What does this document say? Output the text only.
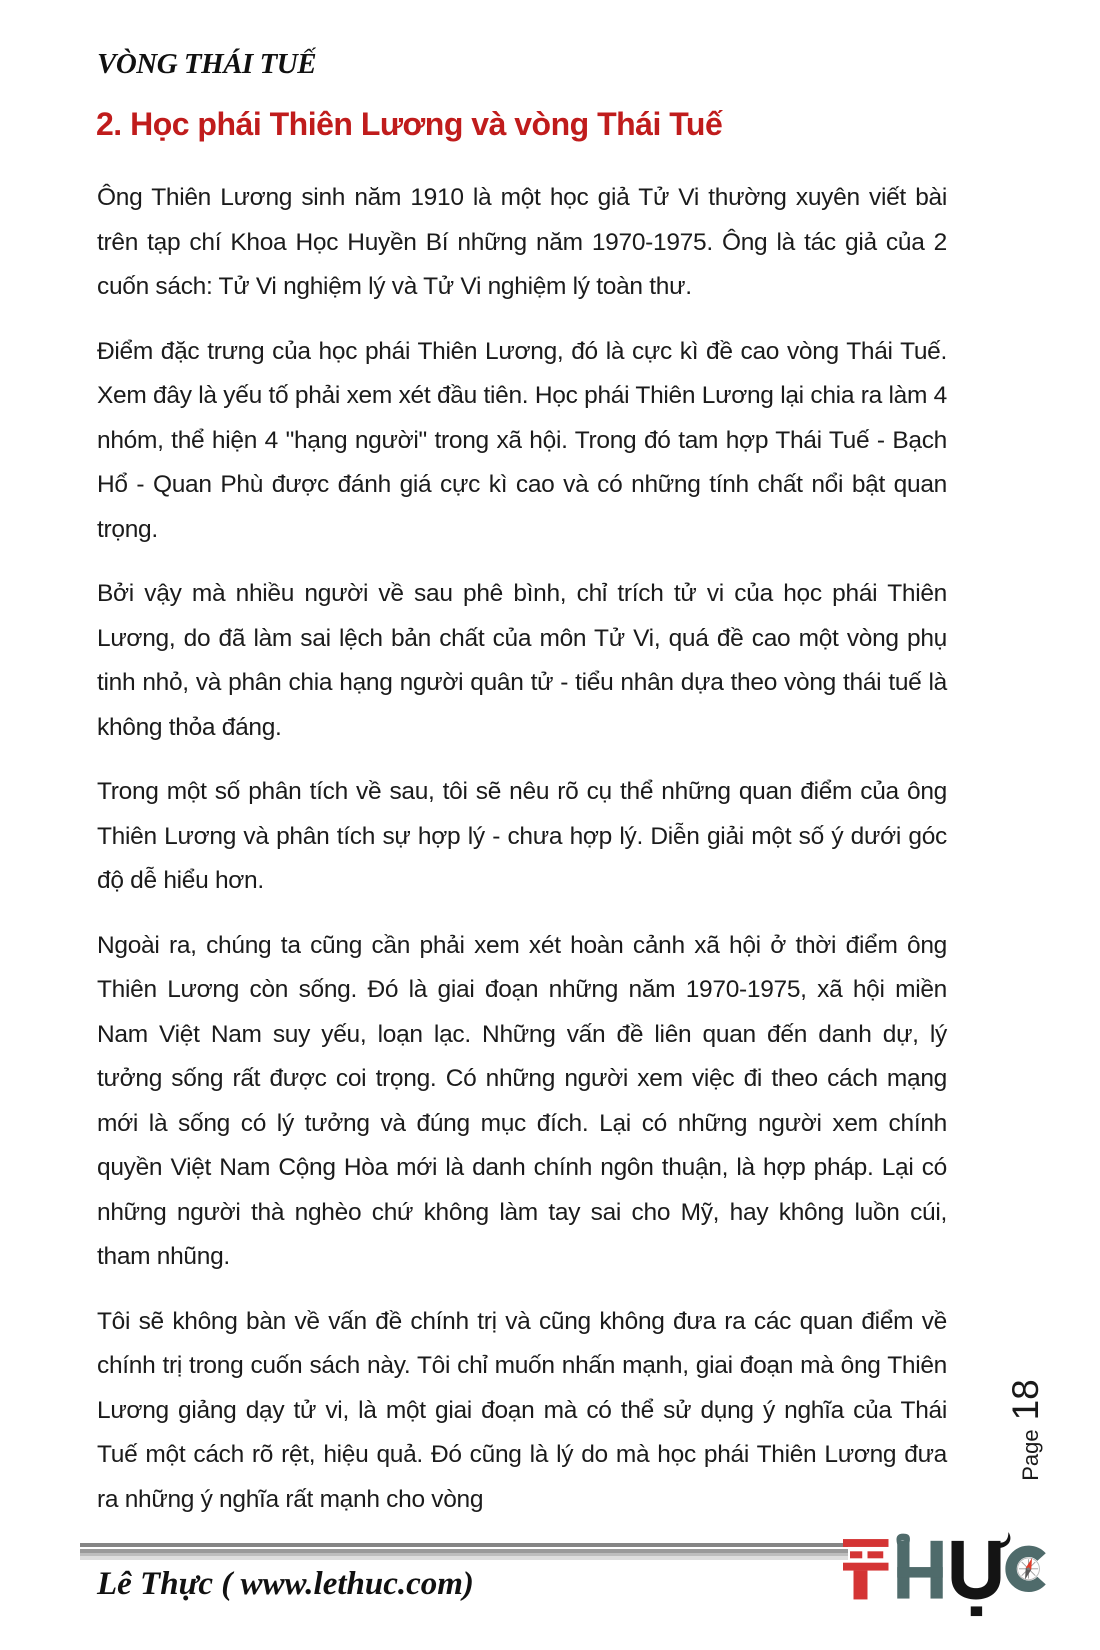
VÒNG THÁI TUẾ
2. Học phái Thiên Lương và vòng Thái Tuế

Ông Thiên Lương sinh năm 1910 là một học giả Tử Vi thường xuyên viết bài trên tạp chí Khoa Học Huyền Bí những năm 1970-1975. Ông là tác giả của 2 cuốn sách: Tử Vi nghiệm lý và Tử Vi nghiệm lý toàn thư.

Điểm đặc trưng của học phái Thiên Lương, đó là cực kì đề cao vòng Thái Tuế. Xem đây là yếu tố phải xem xét đầu tiên. Học phái Thiên Lương lại chia ra làm 4 nhóm, thể hiện 4 "hạng người" trong xã hội. Trong đó tam hợp Thái Tuế - Bạch Hổ - Quan Phù được đánh giá cực kì cao và có những tính chất nổi bật quan trọng.

Bởi vậy mà nhiều người về sau phê bình, chỉ trích tử vi của học phái Thiên Lương, do đã làm sai lệch bản chất của môn Tử Vi, quá đề cao một vòng phụ tinh nhỏ, và phân chia hạng người quân tử - tiểu nhân dựa theo vòng thái tuế là không thỏa đáng.

Trong một số phân tích về sau, tôi sẽ nêu rõ cụ thể những quan điểm của ông Thiên Lương và phân tích sự hợp lý - chưa hợp lý. Diễn giải một số ý dưới góc độ dễ hiểu hơn.

Ngoài ra, chúng ta cũng cần phải xem xét hoàn cảnh xã hội ở thời điểm ông Thiên Lương còn sống. Đó là giai đoạn những năm 1970-1975, xã hội miền Nam Việt Nam suy yếu, loạn lạc. Những vấn đề liên quan đến danh dự, lý tưởng sống rất được coi trọng. Có những người xem việc đi theo cách mạng mới là sống có lý tưởng và đúng mục đích. Lại có những người xem chính quyền Việt Nam Cộng Hòa mới là danh chính ngôn thuận, là hợp pháp. Lại có những người thà nghèo chứ không làm tay sai cho Mỹ, hay không luồn cúi, tham nhũng.

Tôi sẽ không bàn về vấn đề chính trị và cũng không đưa ra các quan điểm về chính trị trong cuốn sách này. Tôi chỉ muốn nhấn mạnh, giai đoạn mà ông Thiên Lương giảng dạy tử vi, là một giai đoạn mà có thể sử dụng ý nghĩa của Thái Tuế một cách rõ rệt, hiệu quả. Đó cũng là lý do mà học phái Thiên Lương đưa ra những ý nghĩa rất mạnh cho vòng

Page
18
Lê Thực ( www.lethuc.com)
